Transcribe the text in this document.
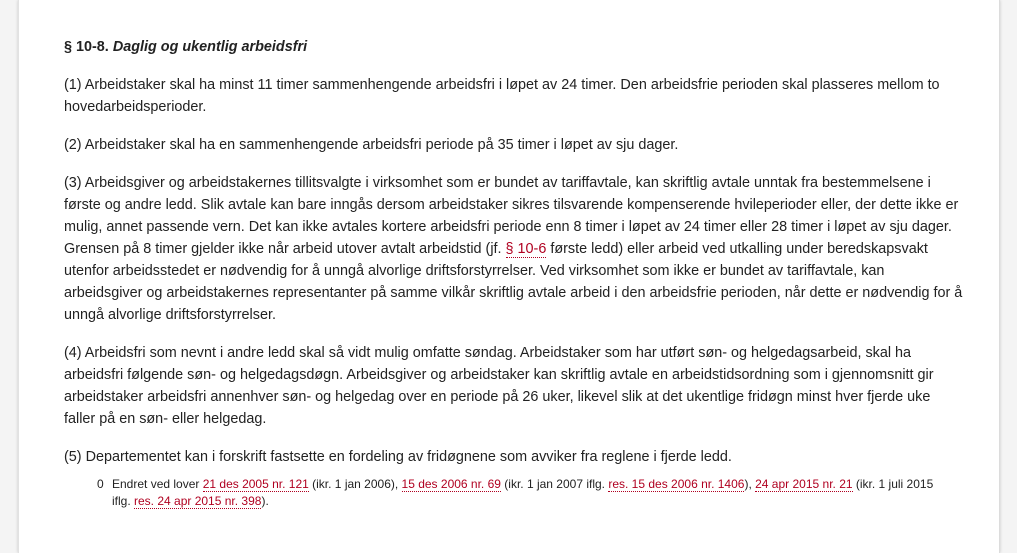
§ 10-8. Daglig og ukentlig arbeidsfri

(1) Arbeidstaker skal ha minst 11 timer sammenhengende arbeidsfri i løpet av 24 timer. Den arbeidsfrie perioden skal plasseres mellom to hovedarbeidsperioder.

(2) Arbeidstaker skal ha en sammenhengende arbeidsfri periode på 35 timer i løpet av sju dager.

(3) Arbeidsgiver og arbeidstakernes tillitsvalgte i virksomhet som er bundet av tariffavtale, kan skriftlig avtale unntak fra bestemmelsene i første og andre ledd. Slik avtale kan bare inngås dersom arbeidstaker sikres tilsvarende kompenserende hvileperioder eller, der dette ikke er mulig, annet passende vern. Det kan ikke avtales kortere arbeidsfri periode enn 8 timer i løpet av 24 timer eller 28 timer i løpet av sju dager. Grensen på 8 timer gjelder ikke når arbeid utover avtalt arbeidstid (jf. § 10-6 første ledd) eller arbeid ved utkalling under beredskapsvakt utenfor arbeidsstedet er nødvendig for å unngå alvorlige driftsforstyrrelser. Ved virksomhet som ikke er bundet av tariffavtale, kan arbeidsgiver og arbeidstakernes representanter på samme vilkår skriftlig avtale arbeid i den arbeidsfrie perioden, når dette er nødvendig for å unngå alvorlige driftsforstyrrelser.

(4) Arbeidsfri som nevnt i andre ledd skal så vidt mulig omfatte søndag. Arbeidstaker som har utført søn- og helgedagsarbeid, skal ha arbeidsfri følgende søn- og helgedagsdøgn. Arbeidsgiver og arbeidstaker kan skriftlig avtale en arbeidstidsordning som i gjennomsnitt gir arbeidstaker arbeidsfri annenhver søn- og helgedag over en periode på 26 uker, likevel slik at det ukentlige fridøgn minst hver fjerde uke faller på en søn- eller helgedag.

(5) Departementet kan i forskrift fastsette en fordeling av fridøgnene som avviker fra reglene i fjerde ledd.

0 Endret ved lover 21 des 2005 nr. 121 (ikr. 1 jan 2006), 15 des 2006 nr. 69 (ikr. 1 jan 2007 iflg. res. 15 des 2006 nr. 1406), 24 apr 2015 nr. 21 (ikr. 1 juli 2015 iflg. res. 24 apr 2015 nr. 398).
